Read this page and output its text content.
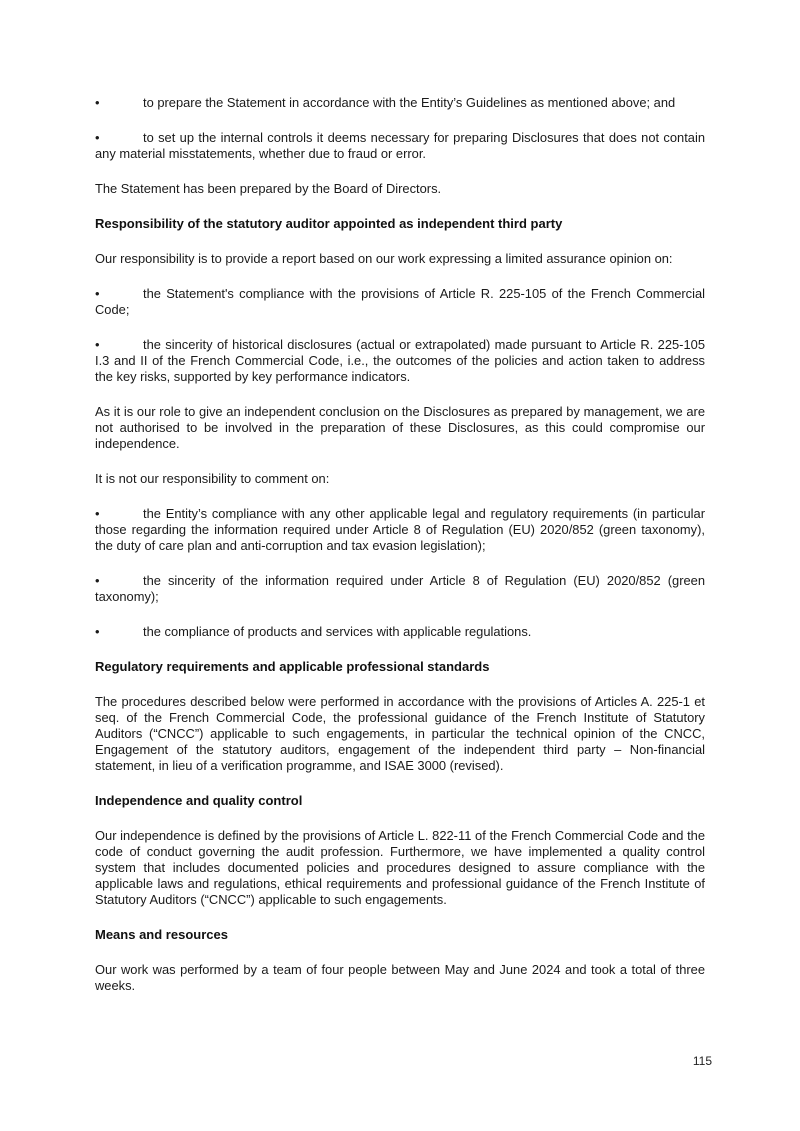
•	to prepare the Statement in accordance with the Entity’s Guidelines as mentioned above; and
•	to set up the internal controls it deems necessary for preparing Disclosures that does not contain any material misstatements, whether due to fraud or error.

The Statement has been prepared by the Board of Directors.

Responsibility of the statutory auditor appointed as independent third party

Our responsibility is to provide a report based on our work expressing a limited assurance opinion on:

•	the Statement's compliance with the provisions of Article R. 225-105 of the French Commercial Code;
•	the sincerity of historical disclosures (actual or extrapolated) made pursuant to Article R. 225-105 I.3 and II of the French Commercial Code, i.e., the outcomes of the policies and action taken to address the key risks, supported by key performance indicators.

As it is our role to give an independent conclusion on the Disclosures as prepared by management, we are not authorised to be involved in the preparation of these Disclosures, as this could compromise our independence.

It is not our responsibility to comment on:

•	the Entity’s compliance with any other applicable legal and regulatory requirements (in particular those regarding the information required under Article 8 of Regulation (EU) 2020/852 (green taxonomy), the duty of care plan and anti-corruption and tax evasion legislation);
•	the sincerity of the information required under Article 8 of Regulation (EU) 2020/852 (green taxonomy);
•	the compliance of products and services with applicable regulations.

Regulatory requirements and applicable professional standards

The procedures described below were performed in accordance with the provisions of Articles A. 225-1 et seq. of the French Commercial Code, the professional guidance of the French Institute of Statutory Auditors (“CNCC”) applicable to such engagements, in particular the technical opinion of the CNCC, Engagement of the statutory auditors, engagement of the independent third party – Non-financial statement, in lieu of a verification programme, and ISAE 3000 (revised).

Independence and quality control

Our independence is defined by the provisions of Article L. 822-11 of the French Commercial Code and the code of conduct governing the audit profession. Furthermore, we have implemented a quality control system that includes documented policies and procedures designed to assure compliance with the applicable laws and regulations, ethical requirements and professional guidance of the French Institute of Statutory Auditors (“CNCC”) applicable to such engagements.

Means and resources

Our work was performed by a team of four people between May and June 2024 and took a total of three weeks.

115
